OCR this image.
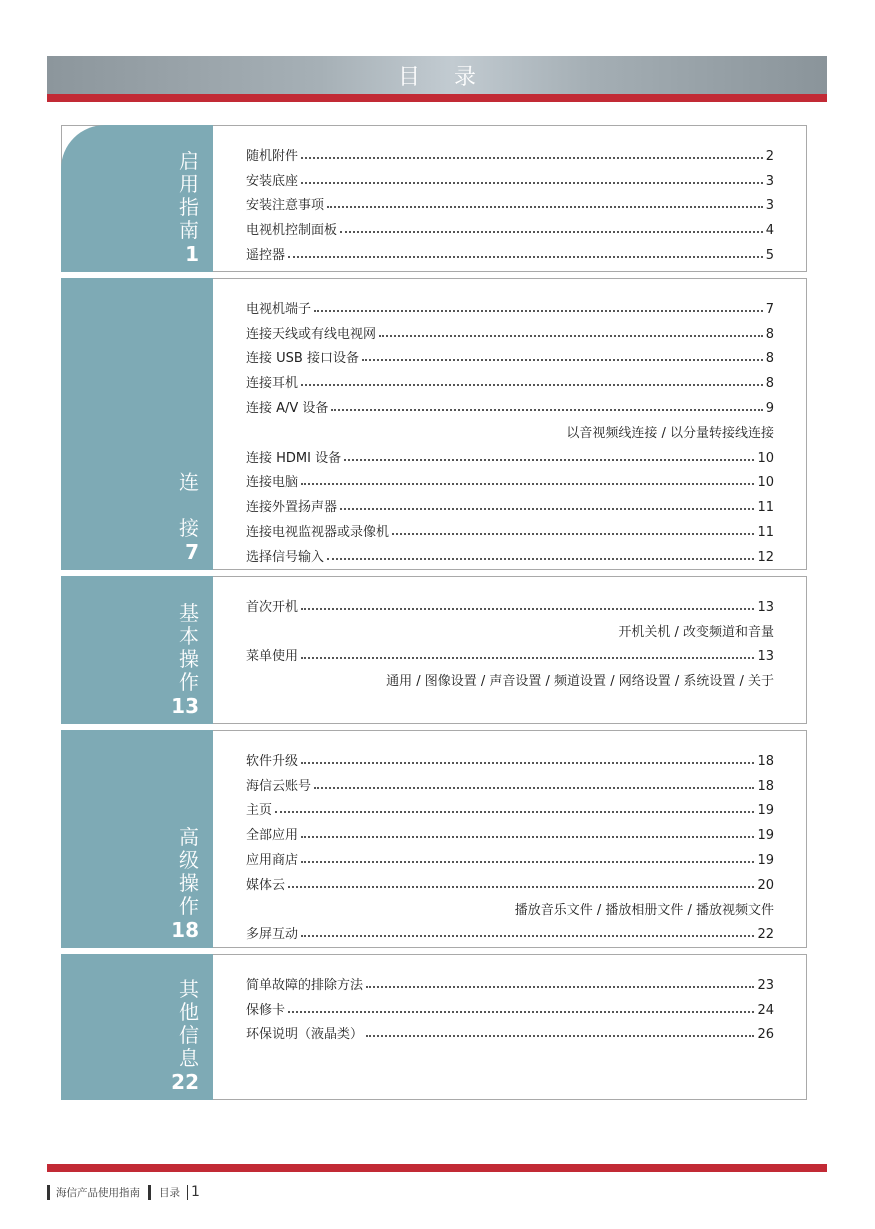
目录
启
用
指
南
1
随机附件	2
安装底座	3
安装注意事项	3
电视机控制面板	4
遥控器	5
连
接
7
电视机端子	7
连接天线或有线电视网	8
连接 USB 接口设备	8
连接耳机	8
连接 A/V 设备	9
以音视频线连接 / 以分量转接线连接
连接 HDMI 设备	10
连接电脑	10
连接外置扬声器	11
连接电视监视器或录像机	11
选择信号输入	12
基
本
操
作
13
首次开机	13
开机关机 / 改变频道和音量
菜单使用	13
通用 / 图像设置 / 声音设置 / 频道设置 / 网络设置 / 系统设置 / 关于
高
级
操
作
18
软件升级	18
海信云账号	18
主页	19
全部应用	19
应用商店	19
媒体云	20
播放音乐文件 / 播放相册文件 / 播放视频文件
多屏互动	22
其
他
信
息
22
简单故障的排除方法	23
保修卡	24
环保说明（液晶类）	26
海信产品使用指南 目录 1
